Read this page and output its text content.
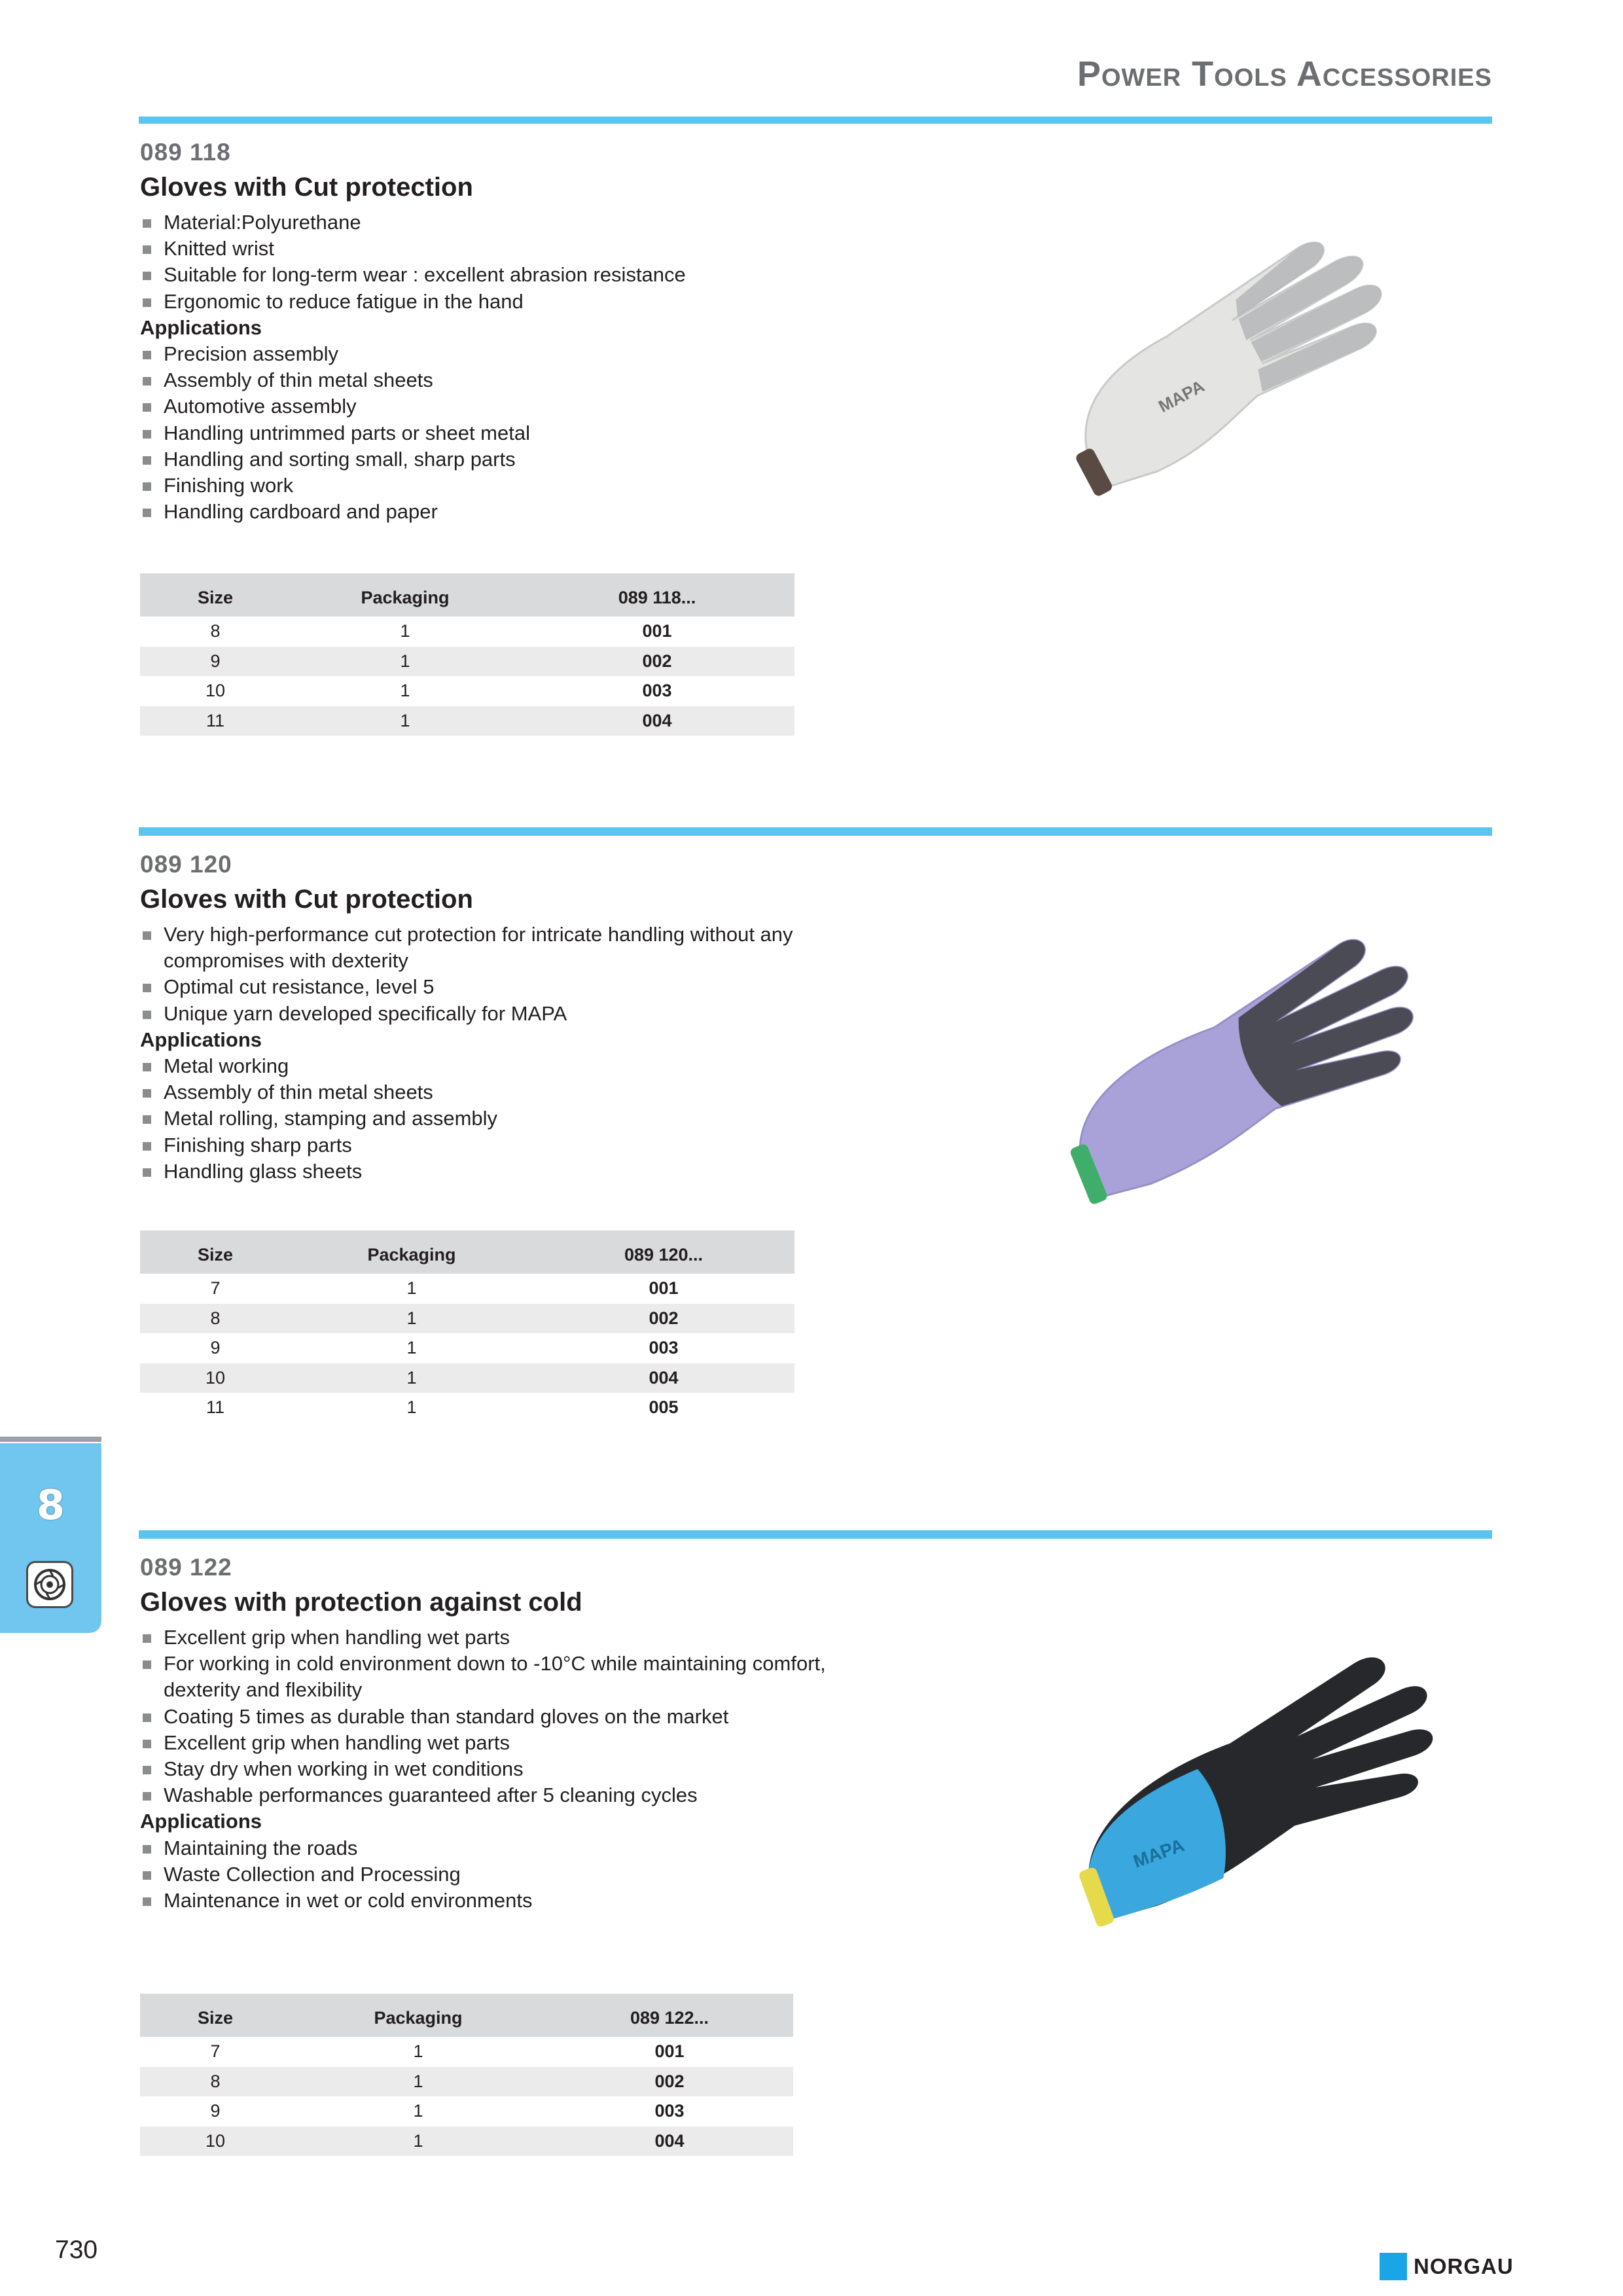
Power Tools Accessories
089 118
Gloves with Cut protection
Material:Polyurethane
Knitted wrist
Suitable for long-term wear : excellent abrasion resistance
Ergonomic to reduce fatigue in the hand
Applications
Precision assembly
Assembly of thin metal sheets
Automotive assembly
Handling untrimmed parts or sheet metal
Handling and sorting small, sharp parts
Finishing work
Handling cardboard and paper
MAPA
Size	Packaging	089 118...
8	1	001
9	1	002
10	1	003
11	1	004
089 120
Gloves with Cut protection
Very high-performance cut protection for intricate handling without any compromises with dexterity
Optimal cut resistance, level 5
Unique yarn developed specifically for MAPA
Applications
Metal working
Assembly of thin metal sheets
Metal rolling, stamping and assembly
Finishing sharp parts
Handling glass sheets
Size	Packaging	089 120...
7	1	001
8	1	002
9	1	003
10	1	004
11	1	005
089 122
Gloves with protection against cold
Excellent grip when handling wet parts
For working in cold environment down to -10°C while maintaining comfort, dexterity and flexibility
Coating 5 times as durable than standard gloves on the market
Excellent grip when handling wet parts
Stay dry when working in wet conditions
Washable performances guaranteed after 5 cleaning cycles
Applications
Maintaining the roads
Waste Collection and Processing
Maintenance in wet or cold environments
MAPA
Size	Packaging	089 122...
7	1	001
8	1	002
9	1	003
10	1	004
8
730
NORGAU
